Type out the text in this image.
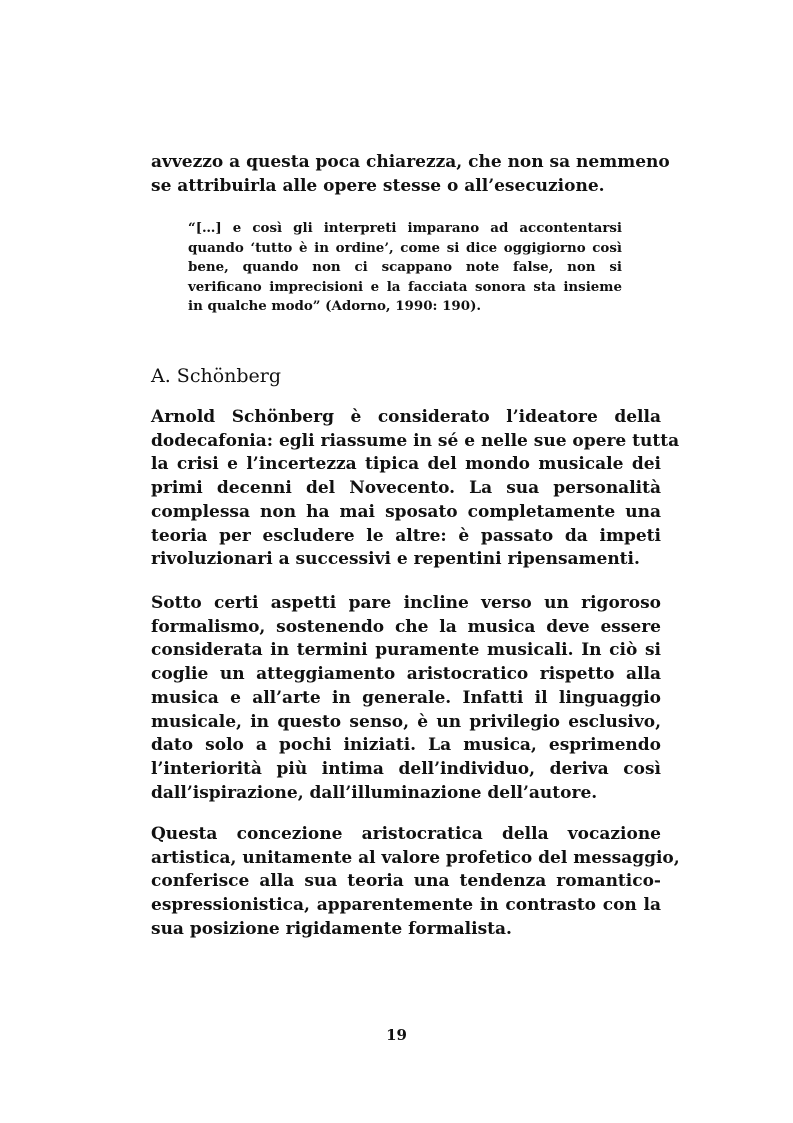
avvezzo a questa poca chiarezza, che non sa nemmeno
se attribuirla alle opere stesse o all’esecuzione.
“[…] e così gli interpreti imparano ad accontentarsi
quando ‘tutto è in ordine’, come si dice oggigiorno così
bene, quando non ci scappano note false, non si
verificano imprecisioni e la facciata sonora sta insieme
in qualche modo” (Adorno, 1990: 190).
A. Schönberg
Arnold Schönberg è considerato l’ideatore della
dodecafonia: egli riassume in sé e nelle sue opere tutta
la crisi e l’incertezza tipica del mondo musicale dei
primi decenni del Novecento. La sua personalità
complessa non ha mai sposato completamente una
teoria per escludere le altre: è passato da impeti
rivoluzionari a successivi e repentini ripensamenti.
Sotto certi aspetti pare incline verso un rigoroso
formalismo, sostenendo che la musica deve essere
considerata in termini puramente musicali. In ciò si
coglie un atteggiamento aristocratico rispetto alla
musica e all’arte in generale. Infatti il linguaggio
musicale, in questo senso, è un privilegio esclusivo,
dato solo a pochi iniziati. La musica, esprimendo
l’interiorità più intima dell’individuo, deriva così
dall’ispirazione, dall’illuminazione dell’autore.
Questa concezione aristocratica della vocazione
artistica, unitamente al valore profetico del messaggio,
conferisce alla sua teoria una tendenza romantico-
espressionistica, apparentemente in contrasto con la
sua posizione rigidamente formalista.
19
